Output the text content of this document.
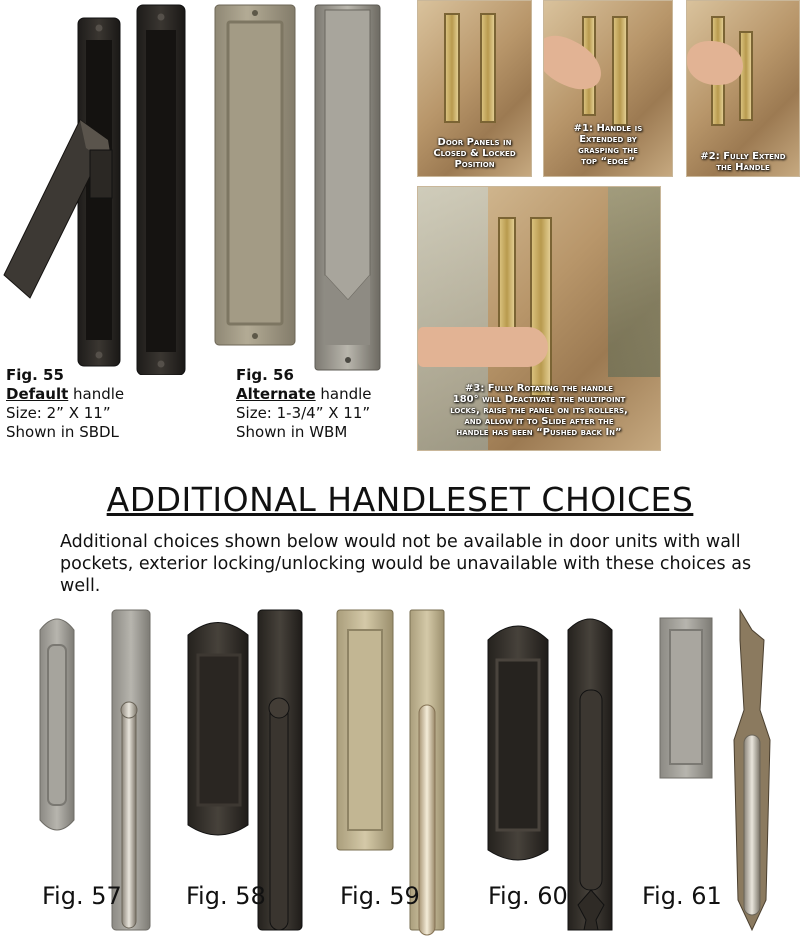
Fig. 55
Default handle
Size: 2” X 11”
Shown in SBDL
Fig. 56
Alternate handle
Size: 1-3/4” X 11”
Shown in WBM
Door Panels in
Closed & Locked
Position
#1: Handle is
Extended by
grasping the
top “edge”	#2: Fully Extend
the Handle
#3: Fully Rotating the handle
180° will Deactivate the multipoint
locks, raise the panel on its rollers,
and allow it to Slide after the
handle has been “Pushed back In”
ADDITIONAL HANDLESET CHOICES
Additional choices shown below would not be available in door units with wall pockets, exterior locking/unlocking would be unavailable with these choices as well.
Fig. 57	Fig. 58	Fig. 59	Fig. 60	Fig. 61
